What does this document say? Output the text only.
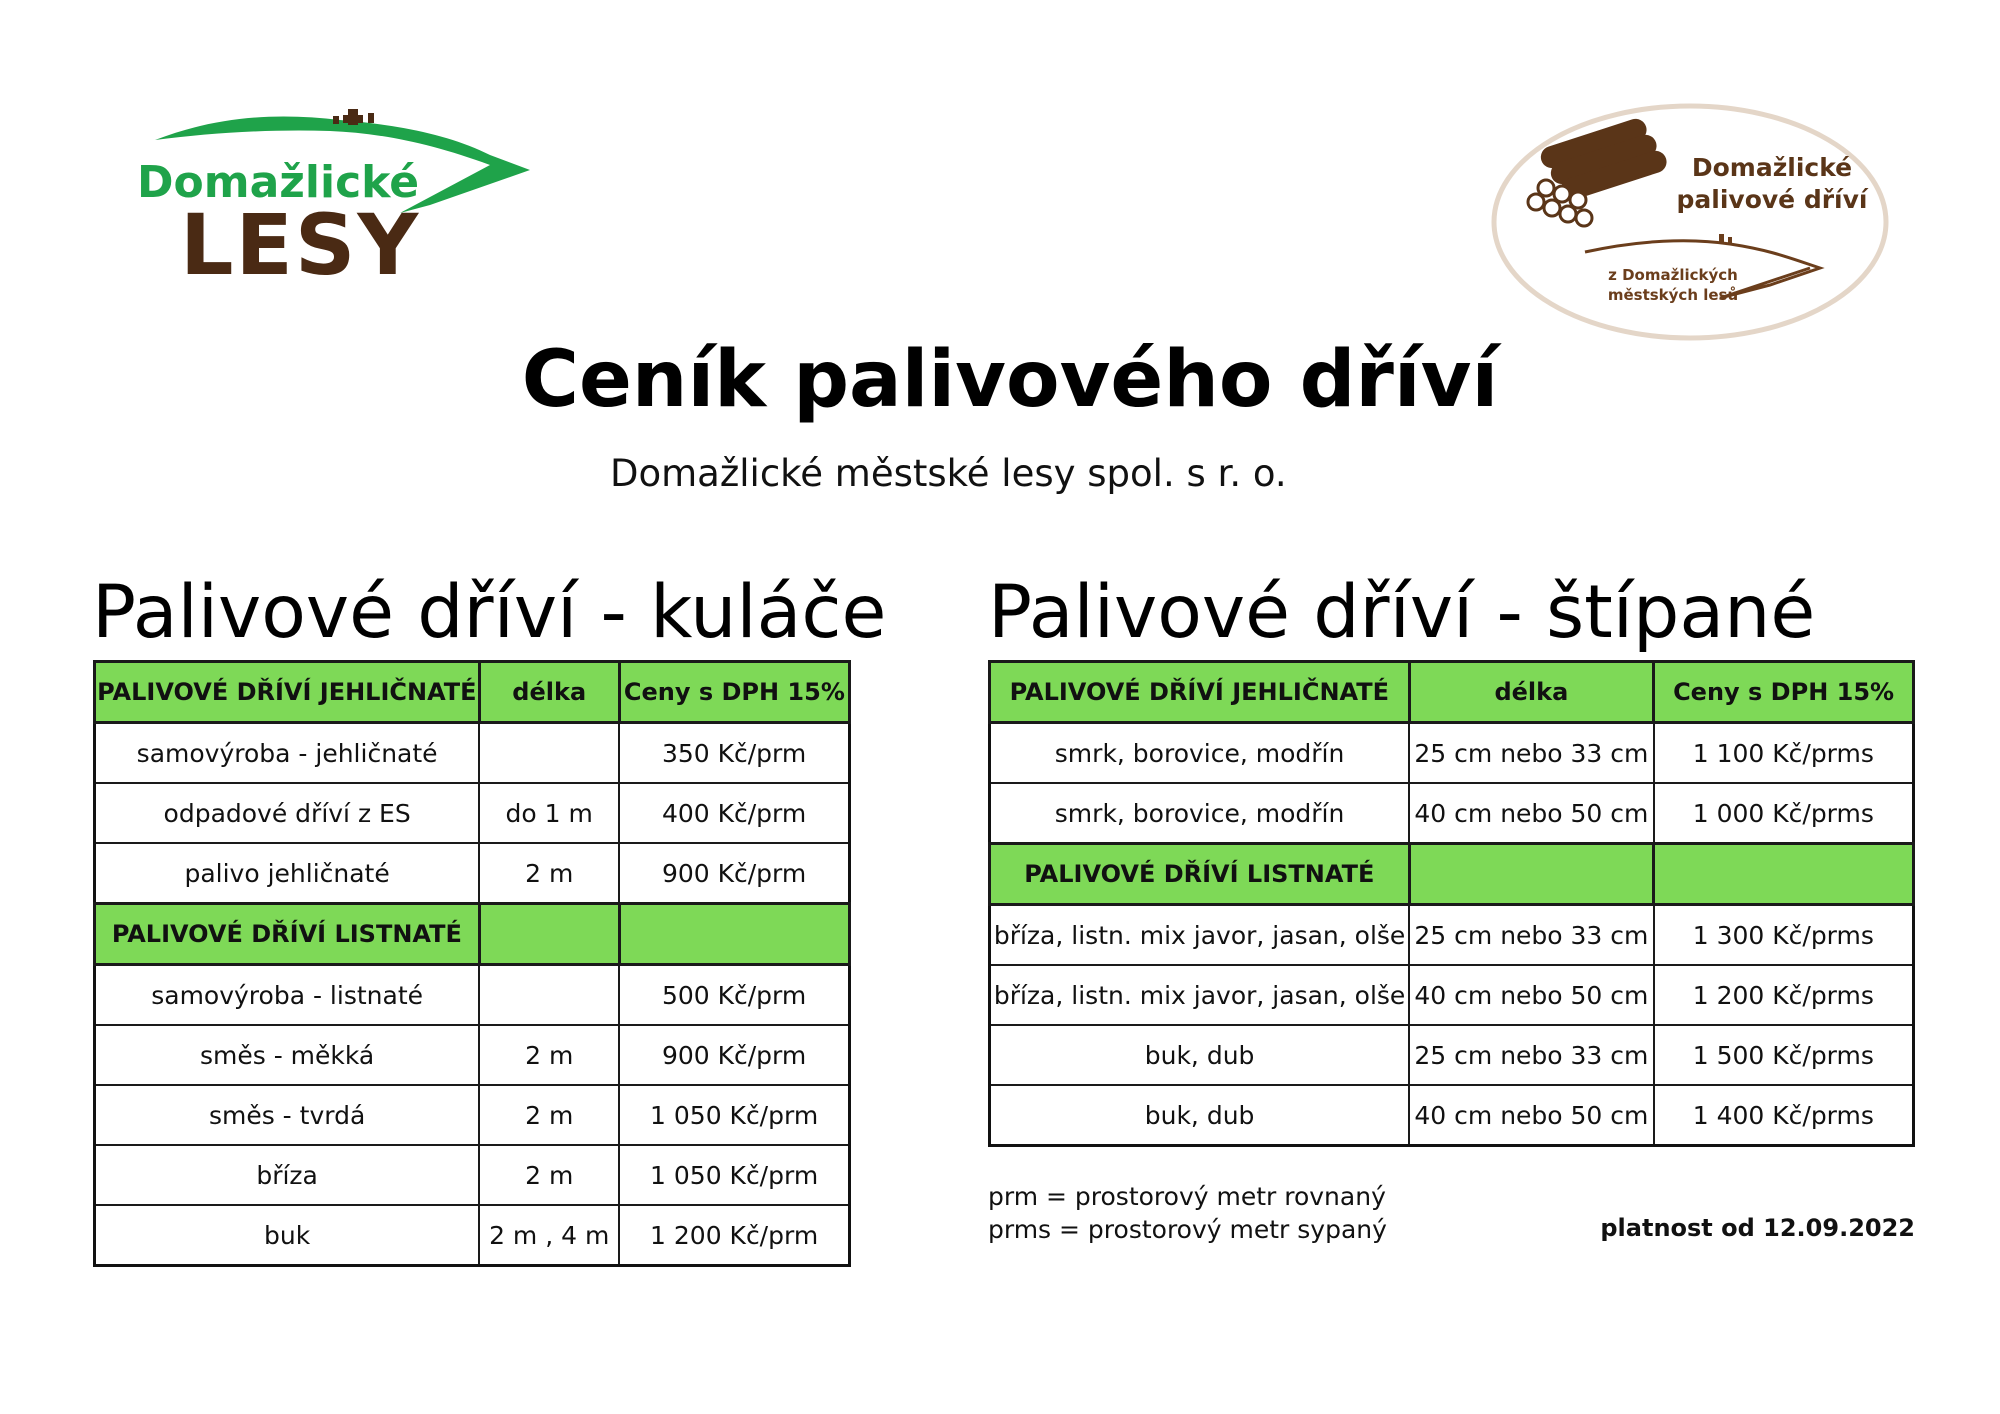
Domažlické
LESY
Domažlické
palivové dříví
z Domažlických
městských lesů
Ceník palivového dříví
Domažlické městské lesy spol. s r. o.
Palivové dříví - kuláče Palivové dříví - štípané
PALIVOVÉ DŘÍVÍ JEHLIČNATÉ	délka	Ceny s DPH 15%
samovýroba - jehličnaté		350 Kč/prm
odpadové dříví z ES	do 1 m	400 Kč/prm
palivo jehličnaté	2 m	900 Kč/prm
PALIVOVÉ DŘÍVÍ LISTNATÉ		
samovýroba - listnaté		500 Kč/prm
směs - měkká	2 m	900 Kč/prm
směs - tvrdá	2 m	1 050 Kč/prm
bříza	2 m	1 050 Kč/prm
buk	2 m , 4 m	1 200 Kč/prm
PALIVOVÉ DŘÍVÍ JEHLIČNATÉ	délka	Ceny s DPH 15%
smrk, borovice, modřín	25 cm nebo 33 cm	1 100 Kč/prms
smrk, borovice, modřín	40 cm nebo 50 cm	1 000 Kč/prms
PALIVOVÉ DŘÍVÍ LISTNATÉ		
bříza, listn. mix javor, jasan, olše	25 cm nebo 33 cm	1 300 Kč/prms
bříza, listn. mix javor, jasan, olše	40 cm nebo 50 cm	1 200 Kč/prms
buk, dub	25 cm nebo 33 cm	1 500 Kč/prms
buk, dub	40 cm nebo 50 cm	1 400 Kč/prms
prm = prostorový metr rovnaný
prms = prostorový metr sypaný	platnost od 12.09.2022
